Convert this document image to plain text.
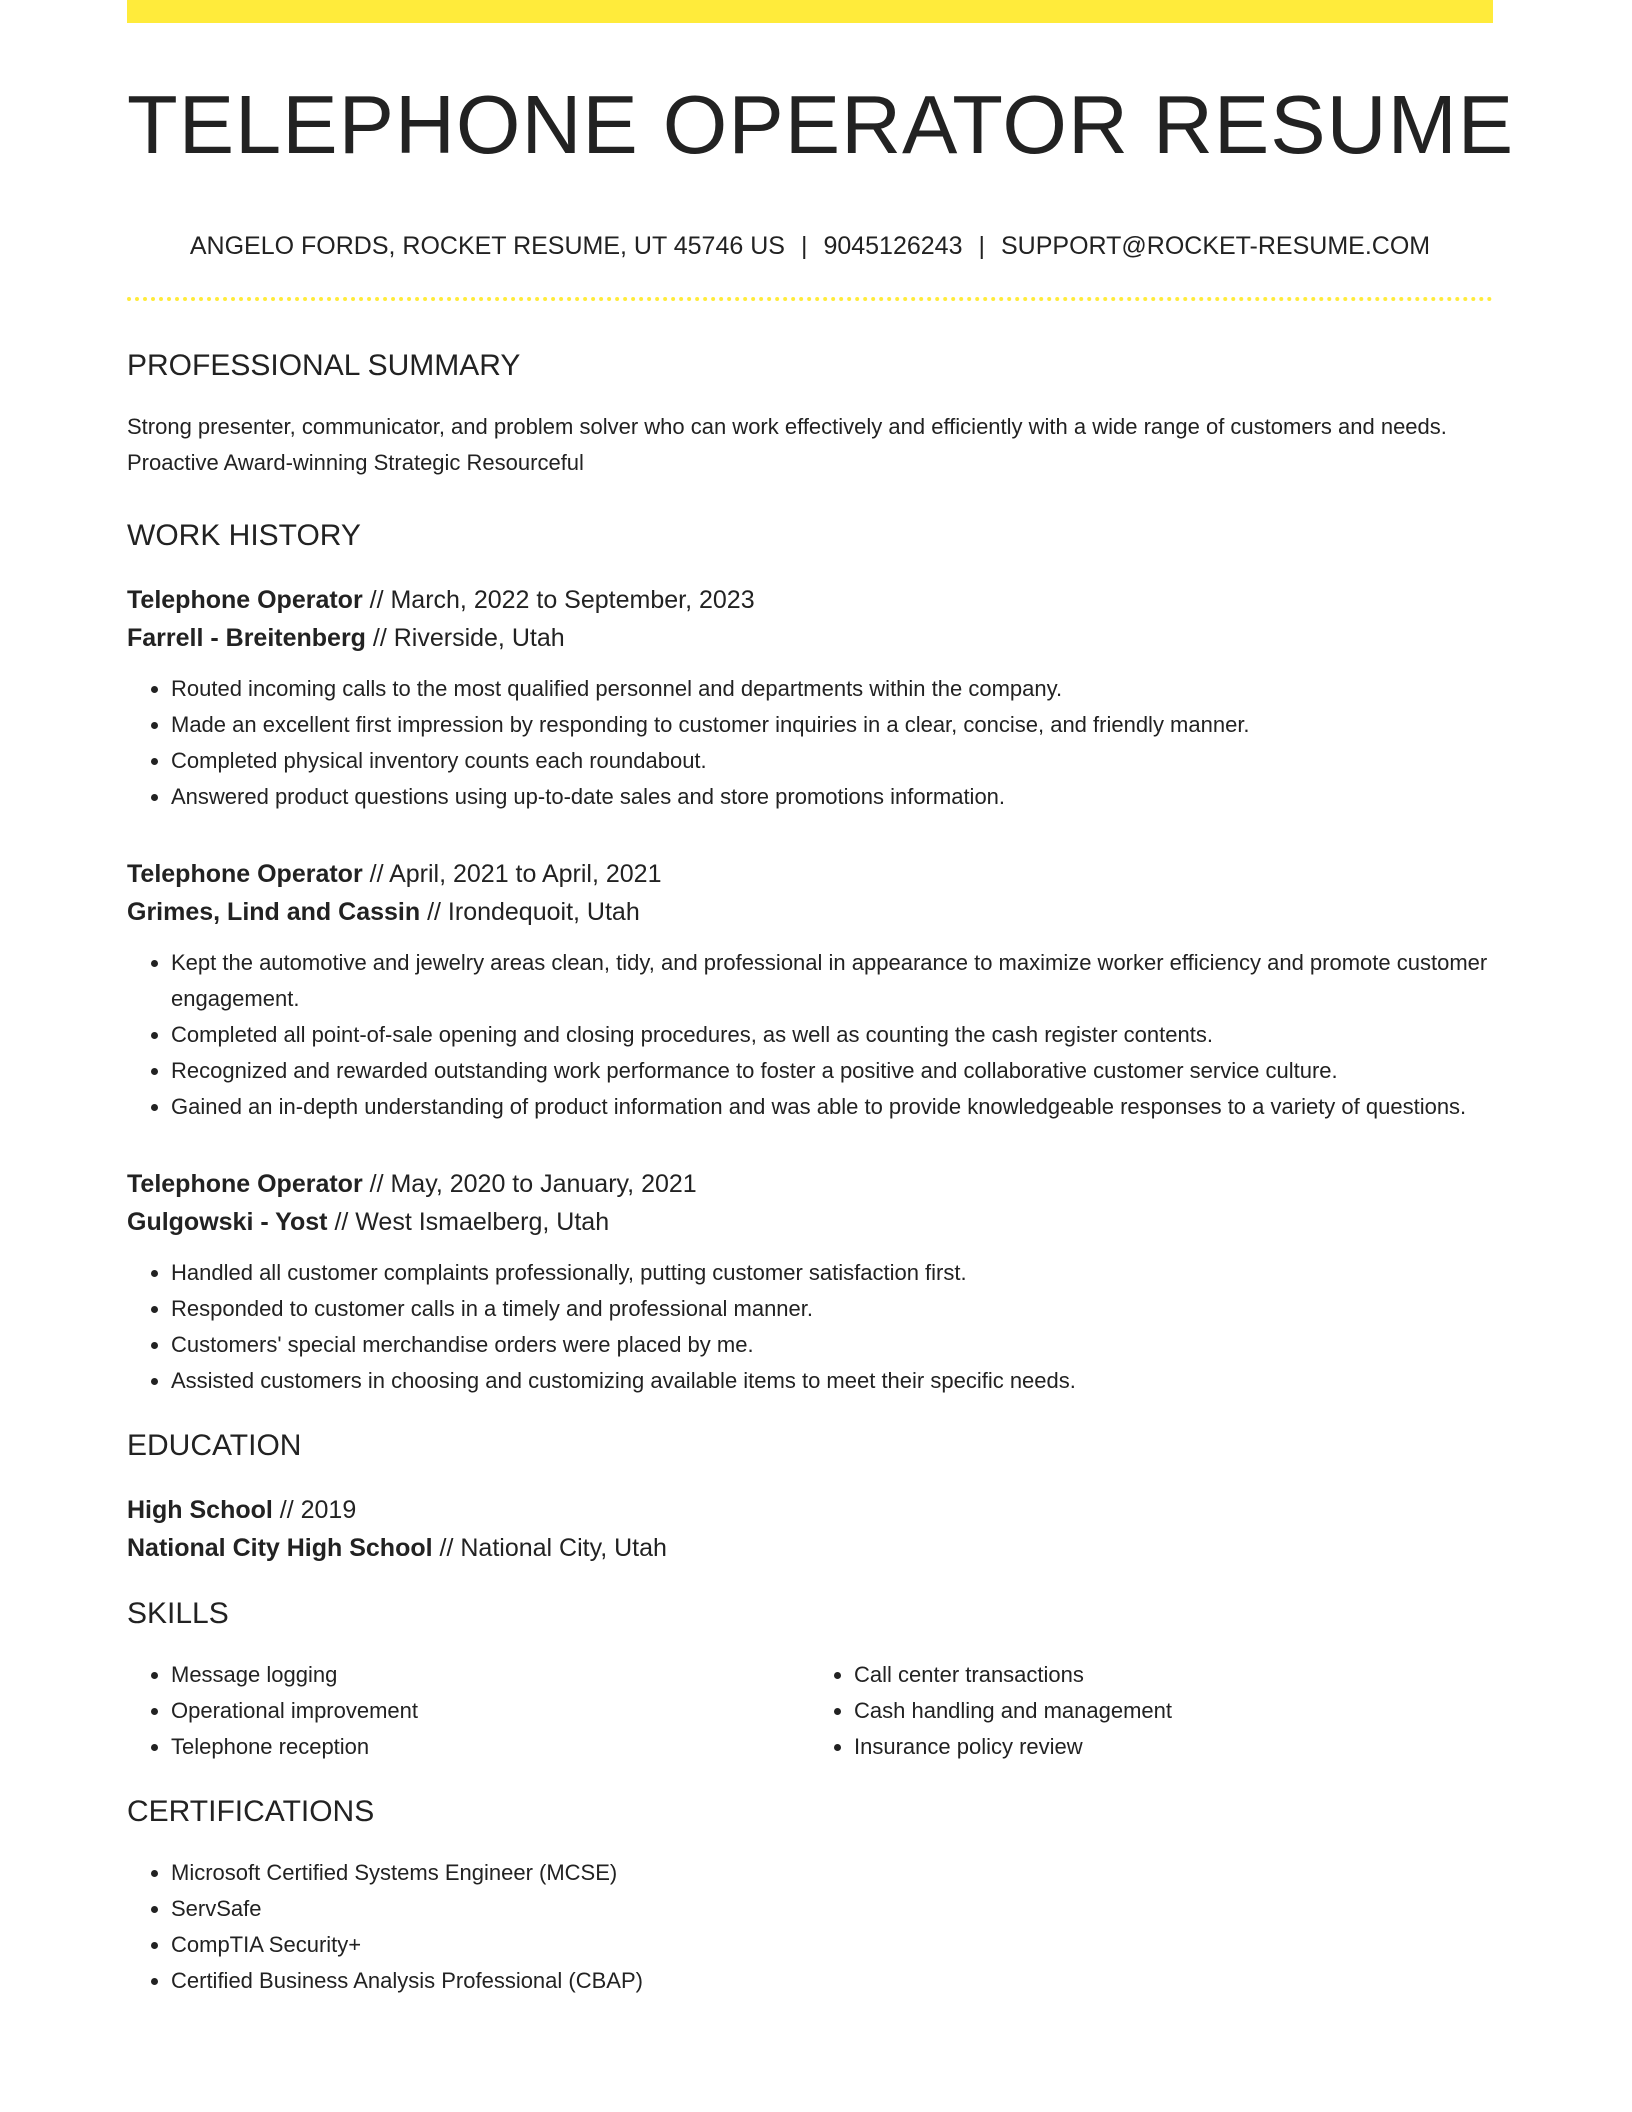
TELEPHONE OPERATOR RESUME
ANGELO FORDS, ROCKET RESUME, UT 45746 US | 9045126243 | SUPPORT@ROCKET-RESUME.COM
PROFESSIONAL SUMMARY
Strong presenter, communicator, and problem solver who can work effectively and efficiently with a wide range of customers and needs. Proactive Award-winning Strategic Resourceful
WORK HISTORY
Telephone Operator // March, 2022 to September, 2023
Farrell - Breitenberg // Riverside, Utah
• Routed incoming calls to the most qualified personnel and departments within the company.
• Made an excellent first impression by responding to customer inquiries in a clear, concise, and friendly manner.
• Completed physical inventory counts each roundabout.
• Answered product questions using up-to-date sales and store promotions information.
Telephone Operator // April, 2021 to April, 2021
Grimes, Lind and Cassin // Irondequoit, Utah
• Kept the automotive and jewelry areas clean, tidy, and professional in appearance to maximize worker efficiency and promote customer engagement.
• Completed all point-of-sale opening and closing procedures, as well as counting the cash register contents.
• Recognized and rewarded outstanding work performance to foster a positive and collaborative customer service culture.
• Gained an in-depth understanding of product information and was able to provide knowledgeable responses to a variety of questions.
Telephone Operator // May, 2020 to January, 2021
Gulgowski - Yost // West Ismaelberg, Utah
• Handled all customer complaints professionally, putting customer satisfaction first.
• Responded to customer calls in a timely and professional manner.
• Customers' special merchandise orders were placed by me.
• Assisted customers in choosing and customizing available items to meet their specific needs.
EDUCATION
High School // 2019
National City High School // National City, Utah
SKILLS
• Message logging
• Operational improvement
• Telephone reception
• Call center transactions
• Cash handling and management
• Insurance policy review
CERTIFICATIONS
• Microsoft Certified Systems Engineer (MCSE)
• ServSafe
• CompTIA Security+
• Certified Business Analysis Professional (CBAP)
